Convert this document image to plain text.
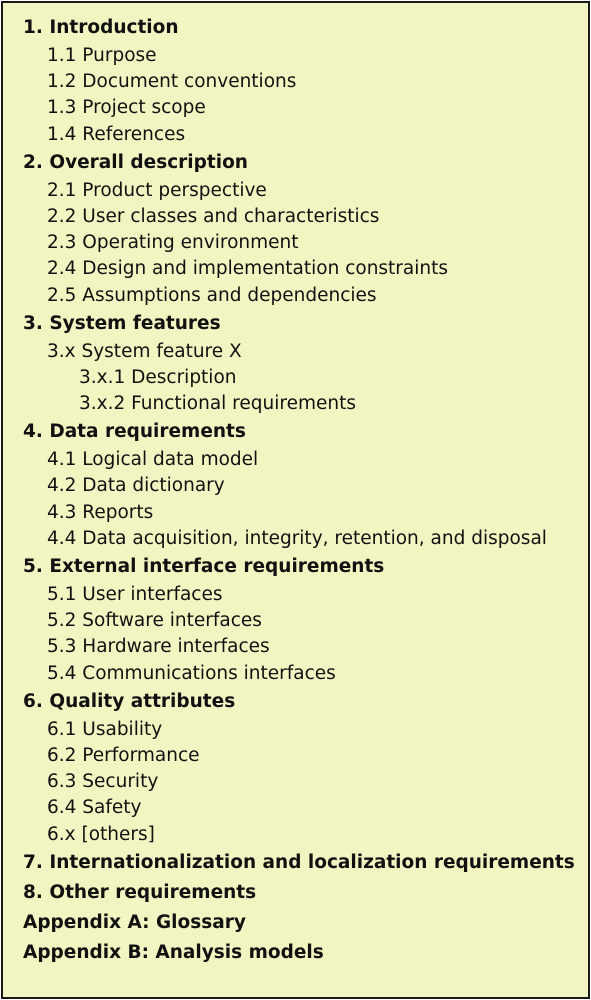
1. Introduction
1.1 Purpose
1.2 Document conventions
1.3 Project scope
1.4 References
2. Overall description
2.1 Product perspective
2.2 User classes and characteristics
2.3 Operating environment
2.4 Design and implementation constraints
2.5 Assumptions and dependencies
3. System features
3.x System feature X
3.x.1 Description
3.x.2 Functional requirements
4. Data requirements
4.1 Logical data model
4.2 Data dictionary
4.3 Reports
4.4 Data acquisition, integrity, retention, and disposal
5. External interface requirements
5.1 User interfaces
5.2 Software interfaces
5.3 Hardware interfaces
5.4 Communications interfaces
6. Quality attributes
6.1 Usability
6.2 Performance
6.3 Security
6.4 Safety
6.x [others]
7. Internationalization and localization requirements
8. Other requirements
Appendix A: Glossary
Appendix B: Analysis models
